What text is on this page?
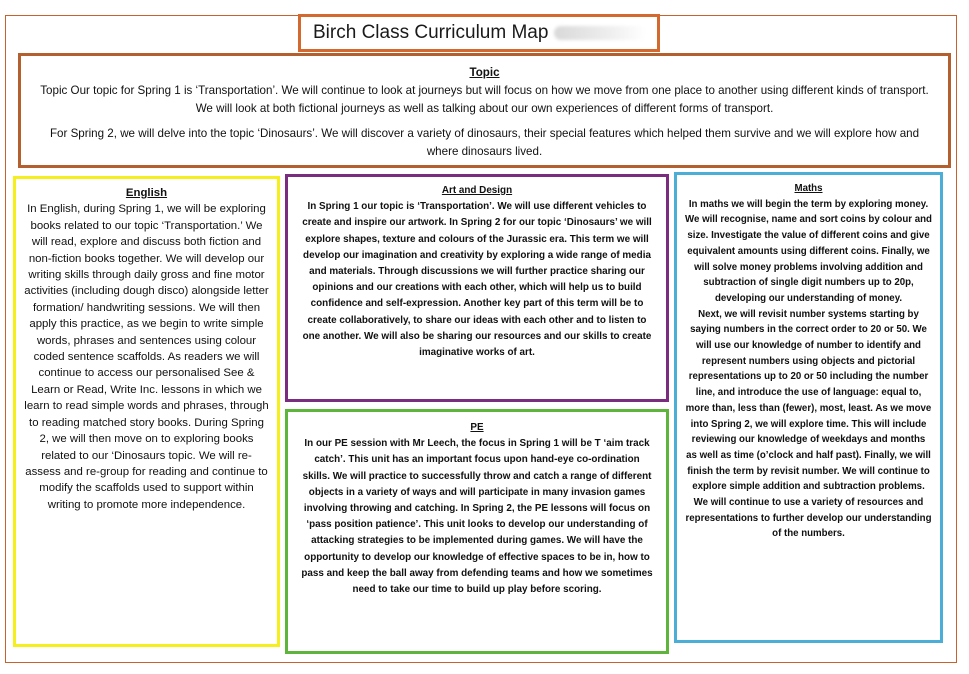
Birch Class Curriculum Map
Topic

Topic Our topic for Spring 1 is ‘Transportation’. We will continue to look at journeys but will focus on how we move from one place to another using different kinds of transport. We will look at both fictional journeys as well as talking about our own experiences of different forms of transport.

For Spring 2, we will delve into the topic ‘Dinosaurs’. We will discover a variety of dinosaurs, their special features which helped them survive and we will explore how and where dinosaurs lived.

English

In English, during Spring 1, we will be exploring books related to our topic ‘Transportation.’ We will read, explore and discuss both fiction and non-fiction books together. We will develop our writing skills through daily gross and fine motor activities (including dough disco) alongside letter formation/ handwriting sessions. We will then apply this practice, as we begin to write simple words, phrases and sentences using colour coded sentence scaffolds. As readers we will continue to access our personalised See & Learn or Read, Write Inc. lessons in which we learn to read simple words and phrases, through to reading matched story books. During Spring 2, we will then move on to exploring books related to our ‘Dinosaurs topic. We will re-assess and re-group for reading and continue to modify the scaffolds used to support within writing to promote more independence.

Art and Design

In Spring 1 our topic is ‘Transportation’. We will use different vehicles to create and inspire our artwork. In Spring 2 for our topic ‘Dinosaurs’ we will explore shapes, texture and colours of the Jurassic era. This term we will develop our imagination and creativity by exploring a wide range of media and materials. Through discussions we will further practice sharing our opinions and our creations with each other, which will help us to build confidence and self-expression. Another key part of this term will be to create collaboratively, to share our ideas with each other and to listen to one another. We will also be sharing our resources and our skills to create imaginative works of art.

PE

In our PE session with Mr Leech, the focus in Spring 1 will be T ‘aim track catch’. This unit has an important focus upon hand-eye co-ordination skills. We will practice to successfully throw and catch a range of different objects in a variety of ways and will participate in many invasion games involving throwing and catching. In Spring 2, the PE lessons will focus on ‘pass position patience’. This unit looks to develop our understanding of attacking strategies to be implemented during games. We will have the opportunity to develop our knowledge of effective spaces to be in, how to pass and keep the ball away from defending teams and how we sometimes need to take our time to build up play before scoring.

Maths

In maths we will begin the term by exploring money. We will recognise, name and sort coins by colour and size. Investigate the value of different coins and give equivalent amounts using different coins. Finally, we will solve money problems involving addition and subtraction of single digit numbers up to 20p, developing our understanding of money.

Next, we will revisit number systems starting by saying numbers in the correct order to 20 or 50. We will use our knowledge of number to identify and represent numbers using objects and pictorial representations up to 20 or 50 including the number line, and introduce the use of language: equal to, more than, less than (fewer), most, least. As we move into Spring 2, we will explore time. This will include reviewing our knowledge of weekdays and months as well as time (o’clock and half past). Finally, we will finish the term by revisit number. We will continue to explore simple addition and subtraction problems. We will continue to use a variety of resources and representations to further develop our understanding of the numbers.
